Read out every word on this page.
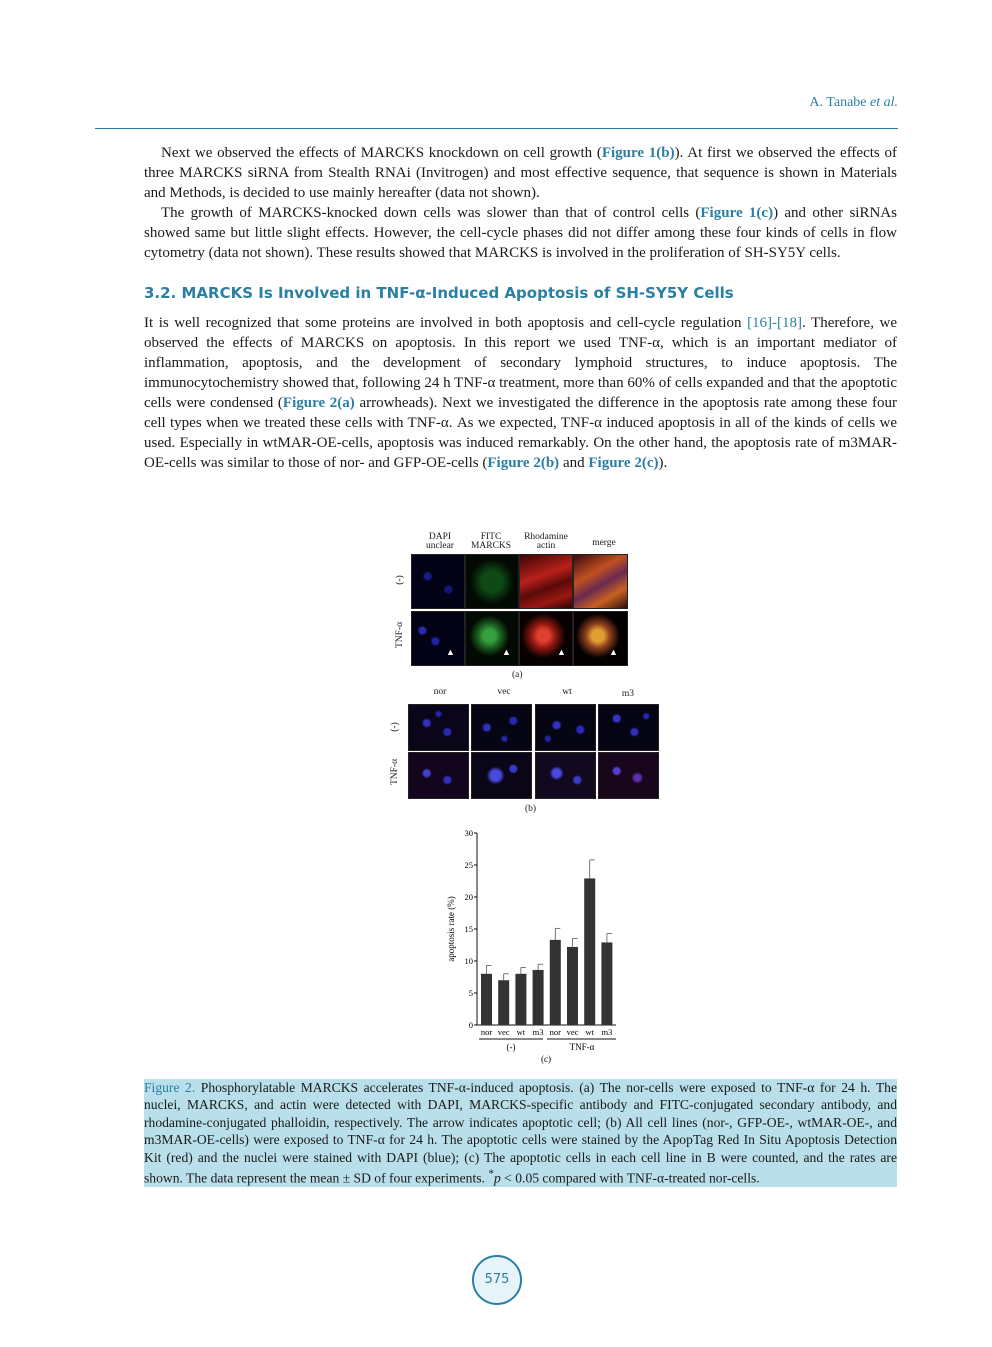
A. Tanabe et al.

Next we observed the effects of MARCKS knockdown on cell growth (Figure 1(b)). At first we observed the effects of three MARCKS siRNA from Stealth RNAi (Invitrogen) and most effective sequence, that sequence is shown in Materials and Methods, is decided to use mainly hereafter (data not shown).

The growth of MARCKS-knocked down cells was slower than that of control cells (Figure 1(c)) and other siRNAs showed same but little slight effects. However, the cell-cycle phases did not differ among these four kinds of cells in flow cytometry (data not shown). These results showed that MARCKS is involved in the proliferation of SH-SY5Y cells.

3.2. MARCKS Is Involved in TNF-α-Induced Apoptosis of SH-SY5Y Cells

It is well recognized that some proteins are involved in both apoptosis and cell-cycle regulation [16]-[18]. Therefore, we observed the effects of MARCKS on apoptosis. In this report we used TNF-α, which is an important mediator of inflammation, apoptosis, and the development of secondary lymphoid structures, to induce apoptosis. The immunocytochemistry showed that, following 24 h TNF-α treatment, more than 60% of cells expanded and that the apoptotic cells were condensed (Figure 2(a) arrowheads). Next we investigated the difference in the apoptosis rate among these four cell types when we treated these cells with TNF-α. As we expected, TNF-α induced apoptosis in all of the kinds of cells we used. Especially in wtMAR-OE-cells, apoptosis was induced remarkably. On the other hand, the apoptosis rate of m3MAR-OE-cells was similar to those of nor- and GFP-OE-cells (Figure 2(b) and Figure 2(c)).

DAPI
unclear
FITC
MARCKS
Rhodamine
actin	merge
(-)
TNF-α
▲	▲	▲	▲
(a)
nor	vec	wt	m3
(-)
TNF-α
(b)
apoptosis rate (%)
0
5
10
15
20
25
30
nor vec wt m3 nor vec wt m3
(-)	TNF-α
(c)
Figure 2. Phosphorylatable MARCKS accelerates TNF-α-induced apoptosis. (a) The nor-cells were exposed to TNF-α for 24 h. The nuclei, MARCKS, and actin were detected with DAPI, MARCKS-specific antibody and FITC-conjugated secondary antibody, and rhodamine-conjugated phalloidin, respectively. The arrow indicates apoptotic cell; (b) All cell lines (nor-, GFP-OE-, wtMAR-OE-, and m3MAR-OE-cells) were exposed to TNF-α for 24 h. The apoptotic cells were stained by the ApopTag Red In Situ Apoptosis Detection Kit (red) and the nuclei were stained with DAPI (blue); (c) The apoptotic cells in each cell line in B were counted, and the rates are shown. The data represent the mean ± SD of four experiments. *p < 0.05 compared with TNF-α-treated nor-cells.
575
